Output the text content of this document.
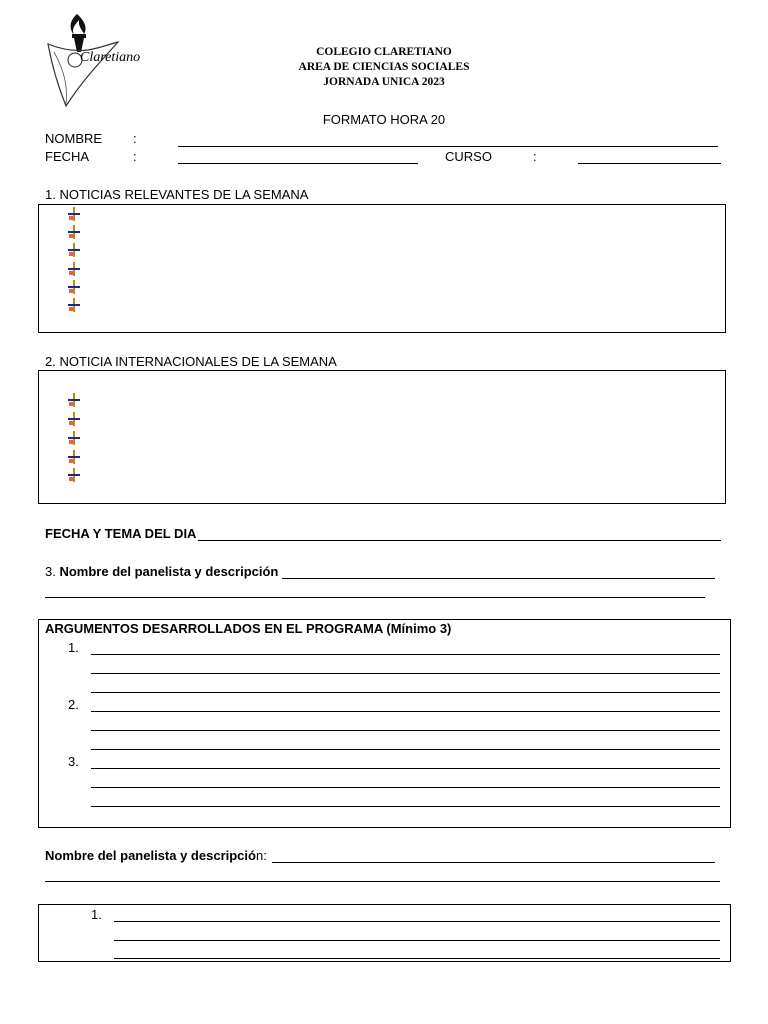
Claretiano	COLEGIO CLARETIANO
AREA DE CIENCIAS SOCIALES
JORNADA UNICA 2023
FORMATO HORA 20
NOMBRE :
FECHA	:	CURSO	:
1. NOTICIAS RELEVANTES DE LA SEMANA
2. NOTICIA INTERNACIONALES DE LA SEMANA
FECHA Y TEMA DEL DIA
3. Nombre del panelista y descripción
ARGUMENTOS DESARROLLADOS EN EL PROGRAMA (Mínimo 3)
1.
2.
3.
Nombre del panelista y descripción:
1.
